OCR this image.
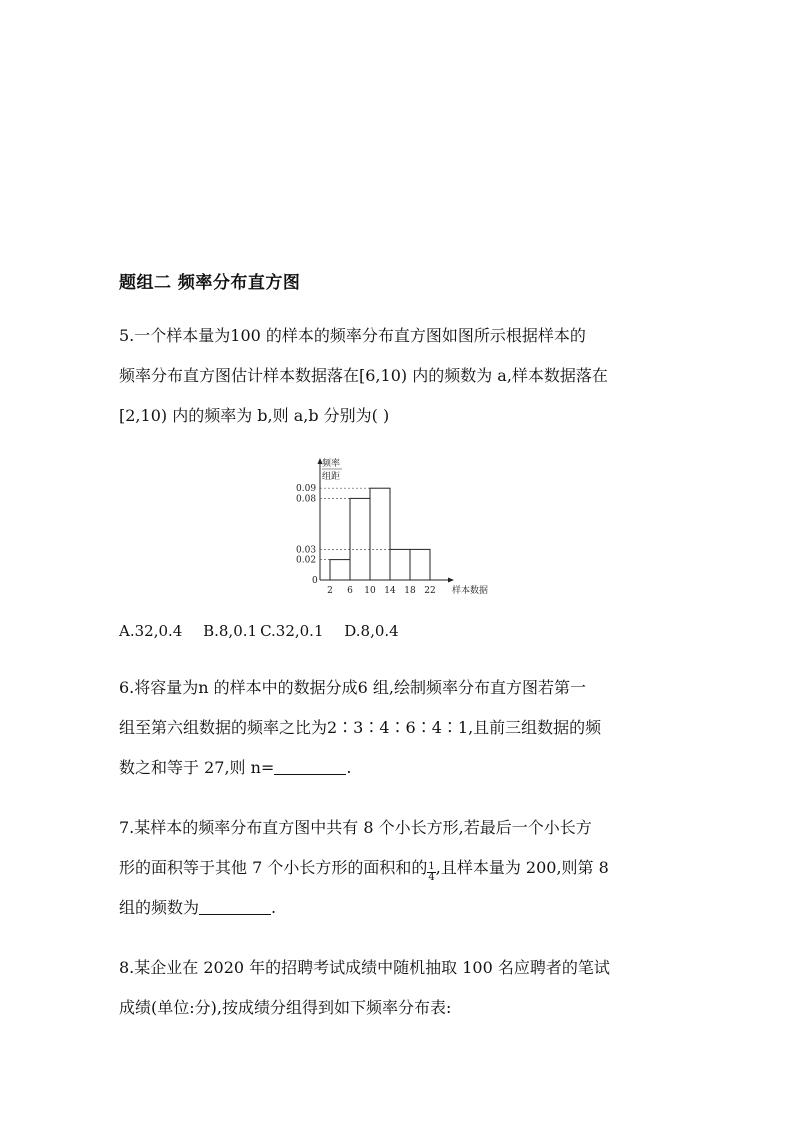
题组二 频率分布直方图
5.一个样本量为100 的样本的频率分布直方图如图所示根据样本的
频率分布直方图估计样本数据落在[6,10) 内的频数为 a,样本数据落在
[2,10) 内的频率为 b,则 a,b 分别为( )
频率
组距
样本数据
0
0.02
0.03
0.08
0.09
2 6 10 14 18 22
A.32,0.4 B.8,0.1 C.32,0.1 D.8,0.4
6.将容量为n 的样本中的数据分成6 组,绘制频率分布直方图若第一
组至第六组数据的频率之比为2∶3∶4∶6∶4∶1,且前三组数据的频
数之和等于 27,则 n=	.
7.某样本的频率分布直方图中共有 8 个小长方形,若最后一个小长方
形的面积等于其他 7 个小长方形的面积和的 $\frac{1}{4}$ ,且样本量为 200,则第 8
组的频数为	.
8.某企业在 2020 年的招聘考试成绩中随机抽取 100 名应聘者的笔试
成绩(单位:分),按成绩分组得到如下频率分布表:
